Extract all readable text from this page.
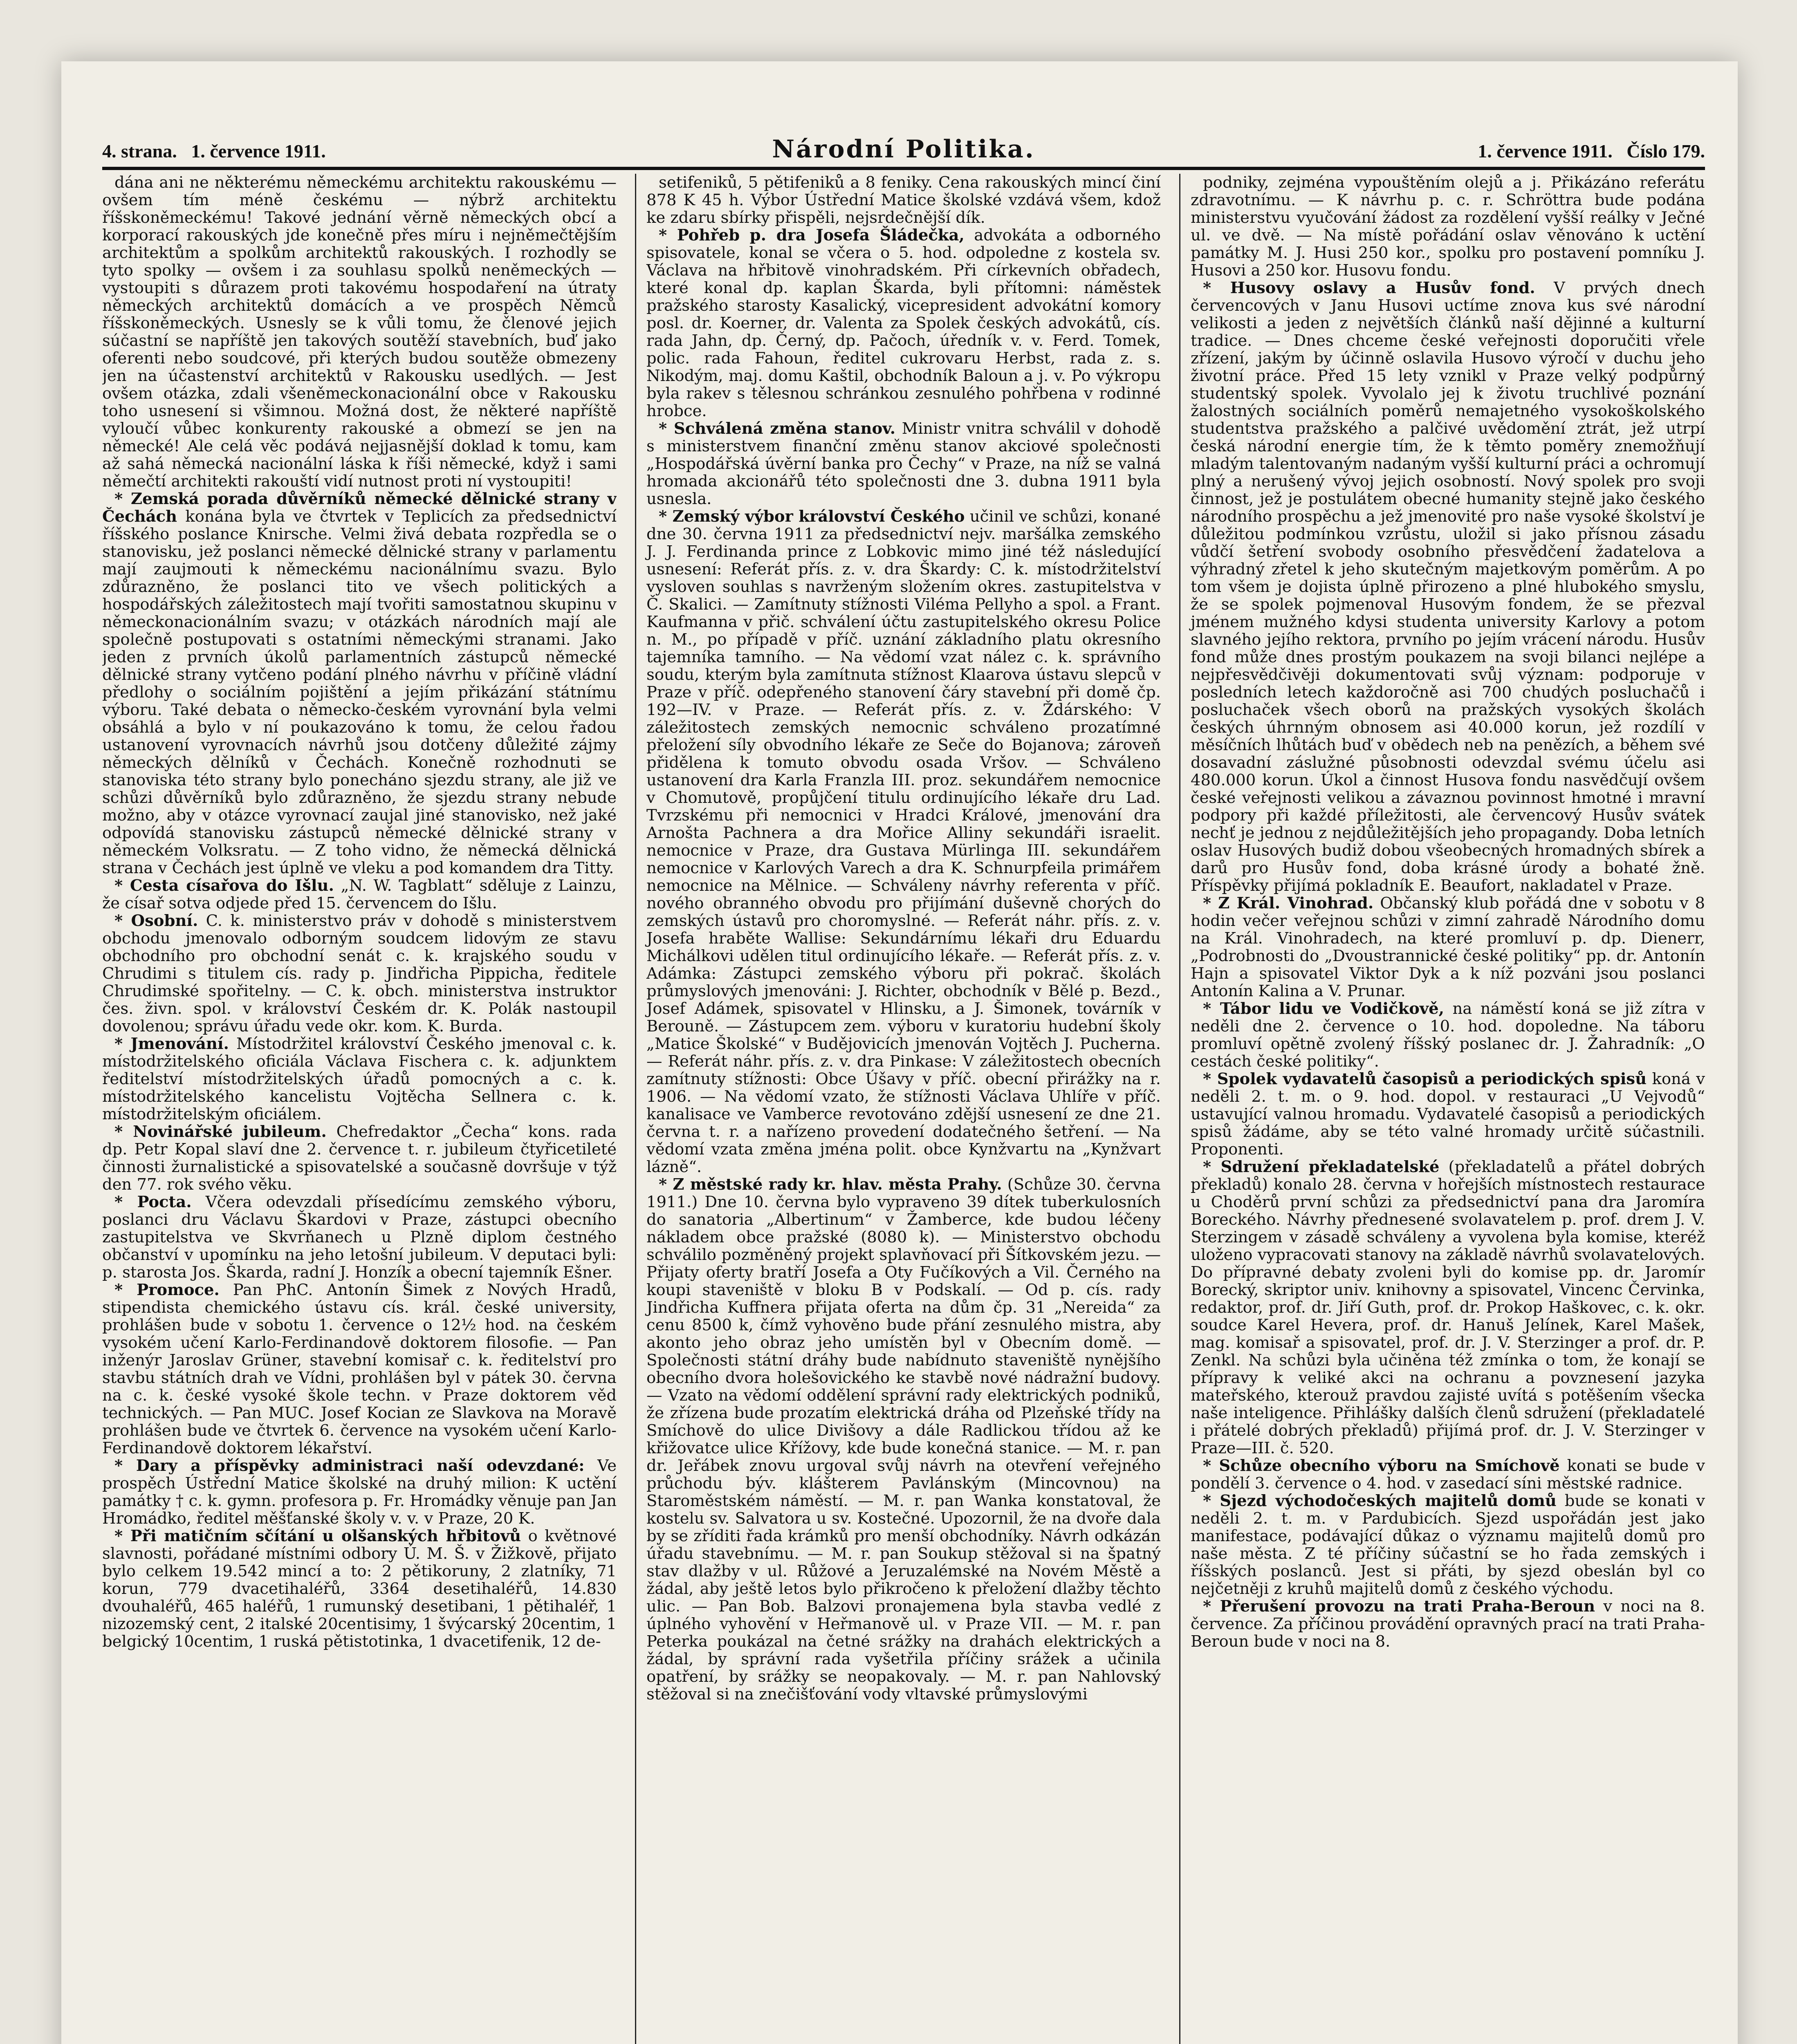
4. strana. 1. července 1911.	Národní Politika.	1. července 1911. Číslo 179.

dána ani ne některému německému architektu rakouskému — ovšem tím méně českému — nýbrž architektu říšskoněmeckému! Takové jednání věrně německých obcí a korporací rakouských jde konečně přes míru i nejněmečtějším architektům a spolkům architektů rakouských. I rozhodly se tyto spolky — ovšem i za souhlasu spolků neněmeckých — vystoupiti s důrazem proti takovému hospodaření na útraty německých architektů domácích a ve prospěch Němců říšskoněmeckých. Usnesly se k vůli tomu, že členové jejich súčastní se napříště jen takových soutěží stavebních, buď jako oferenti nebo soudcové, při kterých budou soutěže obmezeny jen na účastenství architektů v Rakousku usedlých. — Jest ovšem otázka, zdali všeněmeckonacionální obce v Rakousku toho usnesení si všimnou. Možná dost, že některé napříště vyloučí vůbec konkurenty rakouské a obmezí se jen na německé! Ale celá věc podává nejjasnější doklad k tomu, kam až sahá německá nacionální láska k říši německé, když i sami němečtí architekti rakouští vidí nutnost proti ní vystoupiti!

* Zemská porada důvěrníků německé dělnické strany v Čechách konána byla ve čtvrtek v Teplicích za předsednictví říšského poslance Knirsche. Velmi živá debata rozpředla se o stanovisku, jež poslanci německé dělnické strany v parlamentu mají zaujmouti k německému nacionálnímu svazu. Bylo zdůrazněno, že poslanci tito ve všech politických a hospodářských záležitostech mají tvořiti samostatnou skupinu v německonacionálním svazu; v otázkách národních mají ale společně postupovati s ostatními německými stranami. Jako jeden z prvních úkolů parlamentních zástupců německé dělnické strany vytčeno podání plného návrhu v příčině vládní předlohy o sociálním pojištění a jejím přikázání státnímu výboru. Také debata o německo-českém vyrovnání byla velmi obsáhlá a bylo v ní poukazováno k tomu, že celou řadou ustanovení vyrovnacích návrhů jsou dotčeny důležité zájmy německých dělníků v Čechách. Konečně rozhodnuti se stanoviska této strany bylo ponecháno sjezdu strany, ale již ve schůzi důvěrníků bylo zdůrazněno, že sjezdu strany nebude možno, aby v otázce vyrovnací zaujal jiné stanovisko, než jaké odpovídá stanovisku zástupců německé dělnické strany v německém Volksratu. — Z toho vidno, že německá dělnická strana v Čechách jest úplně ve vleku a pod komandem dra Titty.

* Cesta císařova do Išlu. „N. W. Tagblatt“ sděluje z Lainzu, že císař sotva odjede před 15. červencem do Išlu.

* Osobní. C. k. ministerstvo práv v dohodě s ministerstvem obchodu jmenovalo odborným soudcem lidovým ze stavu obchodního pro obchodní senát c. k. krajského soudu v Chrudimi s titulem cís. rady p. Jindřicha Pippicha, ředitele Chrudimské spořitelny. — C. k. obch. ministerstva instruktor čes. živn. spol. v království Českém dr. K. Polák nastoupil dovolenou; správu úřadu vede okr. kom. K. Burda.

* Jmenování. Místodržitel království Českého jmenoval c. k. místodržitelského oficiála Václava Fischera c. k. adjunktem ředitelství místodržitelských úřadů pomocných a c. k. místodržitelského kancelistu Vojtěcha Sellnera c. k. místodržitelským oficiálem.

* Novinářské jubileum. Chefredaktor „Čecha“ kons. rada dp. Petr Kopal slaví dne 2. července t. r. jubileum čtyřicetileté činnosti žurnalistické a spisovatelské a současně dovršuje v týž den 77. rok svého věku.

* Pocta. Včera odevzdali přísedícímu zemského výboru, poslanci dru Václavu Škardovi v Praze, zástupci obecního zastupitelstva ve Skvrňanech u Plzně diplom čestného občanství v upomínku na jeho letošní jubileum. V deputaci byli: p. starosta Jos. Škarda, radní J. Honzík a obecní tajemník Ešner.

* Promoce. Pan PhC. Antonín Šimek z Nových Hradů, stipendista chemického ústavu cís. král. české university, prohlášen bude v sobotu 1. července o 12½ hod. na českém vysokém učení Karlo-Ferdinandově doktorem filosofie. — Pan inženýr Jaroslav Grüner, stavební komisař c. k. ředitelství pro stavbu státních drah ve Vídni, prohlášen byl v pátek 30. června na c. k. české vysoké škole techn. v Praze doktorem věd technických. — Pan MUC. Josef Kocian ze Slavkova na Moravě prohlášen bude ve čtvrtek 6. července na vysokém učení Karlo-Ferdinandově doktorem lékařství.

* Dary a příspěvky administraci naší odevzdané: Ve prospěch Ústřední Matice školské na druhý milion: K uctění památky † c. k. gymn. profesora p. Fr. Hromádky věnuje pan Jan Hromádko, ředitel měšťanské školy v. v. v Praze, 20 K.

* Při matičním sčítání u olšanských hřbitovů o květnové slavnosti, pořádané místními odbory Ú. M. Š. v Žižkově, přijato bylo celkem 19.542 mincí a to: 2 pětikoruny, 2 zlatníky, 71 korun, 779 dvacetihaléřů, 3364 desetihaléřů, 14.830 dvouhaléřů, 465 haléřů, 1 rumunský desetibani, 1 pětihaléř, 1 nizozemský cent, 2 italské 20centisimy, 1 švýcarský 20centim, 1 belgický 10centim, 1 ruská pětistotinka, 1 dvacetifenik, 12 de-

setifeniků, 5 pětifeniků a 8 feniky. Cena rakouských mincí činí 878 K 45 h. Výbor Ústřední Matice školské vzdává všem, kdož ke zdaru sbírky přispěli, nejsrdečnější dík.

* Pohřeb p. dra Josefa Šládečka, advokáta a odborného spisovatele, konal se včera o 5. hod. odpoledne z kostela sv. Václava na hřbitově vinohradském. Při církevních obřadech, které konal dp. kaplan Škarda, byli přítomni: náměstek pražského starosty Kasalický, vicepresident advokátní komory posl. dr. Koerner, dr. Valenta za Spolek českých advokátů, cís. rada Jahn, dp. Černý, dp. Pačoch, úředník v. v. Ferd. Tomek, polic. rada Fahoun, ředitel cukrovaru Herbst, rada z. s. Nikodým, maj. domu Kaštil, obchodník Baloun a j. v. Po výkropu byla rakev s tělesnou schránkou zesnulého pohřbena v rodinné hrobce.

* Schválená změna stanov. Ministr vnitra schválil v dohodě s ministerstvem finanční změnu stanov akciové společnosti „Hospodářská úvěrní banka pro Čechy“ v Praze, na níž se valná hromada akcionářů této společnosti dne 3. dubna 1911 byla usnesla.

* Zemský výbor království Českého učinil ve schůzi, konané dne 30. června 1911 za předsednictví nejv. maršálka zemského J. J. Ferdinanda prince z Lobkovic mimo jiné též následující usnesení: Referát přís. z. v. dra Škardy: C. k. místodržitelství vysloven souhlas s navrženým složením okres. zastupitelstva v Č. Skalici. — Zamítnuty stížnosti Viléma Pellyho a spol. a Frant. Kaufmanna v přič. schválení účtu zastupitelského okresu Police n. M., po případě v příč. uznání základního platu okresního tajemníka tamního. — Na vědomí vzat nález c. k. správního soudu, kterým byla zamítnuta stížnost Klaarova ústavu slepců v Praze v příč. odepřeného stanovení čáry stavební při domě čp. 192—IV. v Praze. — Referát přís. z. v. Ždárského: V záležitostech zemských nemocnic schváleno prozatímné přeložení síly obvodního lékaře ze Seče do Bojanova; zároveň přidělena k tomuto obvodu osada Vršov. — Schváleno ustanovení dra Karla Franzla III. proz. sekundářem nemocnice v Chomutově, propůjčení titulu ordinujícího lékaře dru Lad. Tvrzskému při nemocnici v Hradci Králové, jmenování dra Arnošta Pachnera a dra Mořice Alliny sekundáři israelit. nemocnice v Praze, dra Gustava Mürlinga III. sekundářem nemocnice v Karlových Varech a dra K. Schnurpfeila primářem nemocnice na Mělnice. — Schváleny návrhy referenta v příč. nového obranného obvodu pro přijímání duševně chorých do zemských ústavů pro choromyslné. — Referát náhr. přís. z. v. Josefa hraběte Wallise: Sekundárnímu lékaři dru Eduardu Michálkovi udělen titul ordinujícího lékaře. — Referát přís. z. v. Adámka: Zástupci zemského výboru při pokrač. školách průmyslových jmenováni: J. Richter, obchodník v Bělé p. Bezd., Josef Adámek, spisovatel v Hlinsku, a J. Šimonek, továrník v Berouně. — Zástupcem zem. výboru v kuratoriu hudební školy „Matice Školské“ v Budějovicích jmenován Vojtěch J. Pucherna. — Referát náhr. přís. z. v. dra Pinkase: V záležitostech obecních zamítnuty stížnosti: Obce Úšavy v příč. obecní přirážky na r. 1906. — Na vědomí vzato, že stížnosti Václava Uhlíře v příč. kanalisace ve Vamberce revotováno zdější usnesení ze dne 21. června t. r. a nařízeno provedení dodatečného šetření. — Na vědomí vzata změna jména polit. obce Kynžvartu na „Kynžvart lázně“.

* Z městské rady kr. hlav. města Prahy. (Schůze 30. června 1911.) Dne 10. června bylo vypraveno 39 dítek tuberkulosních do sanatoria „Albertinum“ v Žamberce, kde budou léčeny nákladem obce pražské (8080 k). — Ministerstvo obchodu schválilo pozměněný projekt splavňovací při Šítkovském jezu. — Přijaty oferty bratří Josefa a Oty Fučíkových a Vil. Černého na koupi staveniště v bloku B v Podskalí. — Od p. cís. rady Jindřicha Kuffnera přijata oferta na dům čp. 31 „Nereida“ za cenu 8500 k, čímž vyhověno bude přání zesnulého mistra, aby akonto jeho obraz jeho umístěn byl v Obecním domě. — Společnosti státní dráhy bude nabídnuto staveniště nynějšího obecního dvora holešovického ke stavbě nové nádražní budovy. — Vzato na vědomí oddělení správní rady elektrických podniků, že zřízena bude prozatím elektrická dráha od Plzeňské třídy na Smíchově do ulice Divišovy a dále Radlickou třídou až ke křižovatce ulice Křížovy, kde bude konečná stanice. — M. r. pan dr. Jeřábek znovu urgoval svůj návrh na otevření veřejného průchodu býv. klášterem Pavlánským (Mincovnou) na Staroměstském náměstí. — M. r. pan Wanka konstatoval, že kostelu sv. Salvatora u sv. Kostečné. Upozornil, že na dvoře dala by se zříditi řada krámků pro menší obchodníky. Návrh odkázán úřadu stavebnímu. — M. r. pan Soukup stěžoval si na špatný stav dlažby v ul. Růžové a Jeruzalémské na Novém Městě a žádal, aby ještě letos bylo přikročeno k přeložení dlažby těchto ulic. — Pan Bob. Balzovi pronajemena byla stavba vedlé z úplného vyhovění v Heřmanově ul. v Praze VII. — M. r. pan Peterka poukázal na četné srážky na drahách elektrických a žádal, by správní rada vyšetřila příčiny srážek a učinila opatření, by srážky se neopakovaly. — M. r. pan Nahlovský stěžoval si na znečišťování vody vltavské průmyslovými

podniky, zejména vypouštěním olejů a j. Přikázáno referátu zdravotnímu. — K návrhu p. c. r. Schröttra bude podána ministerstvu vyučování žádost za rozdělení vyšší reálky v Ječné ul. ve dvě. — Na místě pořádání oslav věnováno k uctění památky M. J. Husi 250 kor., spolku pro postavení pomníku J. Husovi a 250 kor. Husovu fondu.

* Husovy oslavy a Husův fond. V prvých dnech červencových v Janu Husovi uctíme znova kus své národní velikosti a jeden z největších článků naší dějinné a kulturní tradice. — Dnes chceme české veřejnosti doporučiti vřele zřízení, jakým by účinně oslavila Husovo výročí v duchu jeho životní práce. Před 15 lety vznikl v Praze velký podpůrný studentský spolek. Vyvolalo jej k životu truchlivé poznání žalostných sociálních poměrů nemajetného vysokoškolského studentstva pražského a palčivé uvědomění ztrát, jež utrpí česká národní energie tím, že k těmto poměry znemožňují mladým talentovaným nadaným vyšší kulturní práci a ochromují plný a nerušený vývoj jejich osobností. Nový spolek pro svoji činnost, jež je postulátem obecné humanity stejně jako českého národního prospěchu a jež jmenovité pro naše vysoké školství je důležitou podmínkou vzrůstu, uložil si jako přísnou zásadu vůdčí šetření svobody osobního přesvědčení žadatelova a výhradný zřetel k jeho skutečným majetkovým poměrům. A po tom všem je dojista úplně přirozeno a plné hlubokého smyslu, že se spolek pojmenoval Husovým fondem, že se přezval jménem mužného kdysi studenta university Karlovy a potom slavného jejího rektora, prvního po jejím vrácení národu. Husův fond může dnes prostým poukazem na svoji bilanci nejlépe a nejpřesvědčivěji dokumentovati svůj význam: podporuje v posledních letech každoročně asi 700 chudých posluchačů i posluchaček všech oborů na pražských vysokých školách českých úhrnným obnosem asi 40.000 korun, jež rozdílí v měsíčních lhůtách buď v obědech neb na penězích, a během své dosavadní záslužné působnosti odevzdal svému účelu asi 480.000 korun. Úkol a činnost Husova fondu nasvědčují ovšem české veřejnosti velikou a závaznou povinnost hmotné i mravní podpory při každé příležitosti, ale červencový Husův svátek nechť je jednou z nejdůležitějších jeho propagandy. Doba letních oslav Husových budiž dobou všeobecných hromadných sbírek a darů pro Husův fond, doba krásné úrody a bohaté žně. Příspěvky přijímá pokladník E. Beaufort, nakladatel v Praze.

* Z Král. Vinohrad. Občanský klub pořádá dne v sobotu v 8 hodin večer veřejnou schůzi v zimní zahradě Národního domu na Král. Vinohradech, na které promluví p. dp. Dienerr, „Podrobnosti do „Dvoustrannické české politiky“ pp. dr. Antonín Hajn a spisovatel Viktor Dyk a k níž pozváni jsou poslanci Antonín Kalina a V. Prunar.

* Tábor lidu ve Vodičkově, na náměstí koná se již zítra v neděli dne 2. července o 10. hod. dopoledne. Na táboru promluví opětně zvolený říšský poslanec dr. J. Žahradník: „O cestách české politiky“.

* Spolek vydavatelů časopisů a periodických spisů koná v neděli 2. t. m. o 9. hod. dopol. v restauraci „U Vejvodů“ ustavující valnou hromadu. Vydavatelé časopisů a periodických spisů žádáme, aby se této valné hromady určitě súčastnili. Proponenti.

* Sdružení překladatelské (překladatelů a přátel dobrých překladů) konalo 28. června v hořejších místnostech restaurace u Choděrů první schůzi za předsednictví pana dra Jaromíra Boreckého. Návrhy přednesené svolavatelem p. prof. drem J. V. Sterzingem v zásadě schváleny a vyvolena byla komise, kteréž uloženo vypracovati stanovy na základě návrhů svolavatelových. Do přípravné debaty zvoleni byli do komise pp. dr. Jaromír Borecký, skriptor univ. knihovny a spisovatel, Vincenc Červinka, redaktor, prof. dr. Jiří Guth, prof. dr. Prokop Haškovec, c. k. okr. soudce Karel Hevera, prof. dr. Hanuš Jelínek, Karel Mašek, mag. komisař a spisovatel, prof. dr. J. V. Sterzinger a prof. dr. P. Zenkl. Na schůzi byla učiněna též zmínka o tom, že konají se přípravy k veliké akci na ochranu a povznesení jazyka mateřského, kterouž pravdou zajisté uvítá s potěšením všecka naše inteligence. Přihlášky dalších členů sdružení (překladatelé i přátelé dobrých překladů) přijímá prof. dr. J. V. Sterzinger v Praze—III. č. 520.

* Schůze obecního výboru na Smíchově konati se bude v pondělí 3. července o 4. hod. v zasedací síni městské radnice.

* Sjezd východočeských majitelů domů bude se konati v neděli 2. t. m. v Pardubicích. Sjezd uspořádán jest jako manifestace, podávající důkaz o významu majitelů domů pro naše města. Z té příčiny súčastní se ho řada zemských i říšských poslanců. Jest si přáti, by sjezd obeslán byl co nejčetněji z kruhů majitelů domů z českého východu.

* Přerušení provozu na trati Praha-Beroun v noci na 8. července. Za příčinou provádění opravných prací na trati Praha-Beroun bude v noci na 8.
